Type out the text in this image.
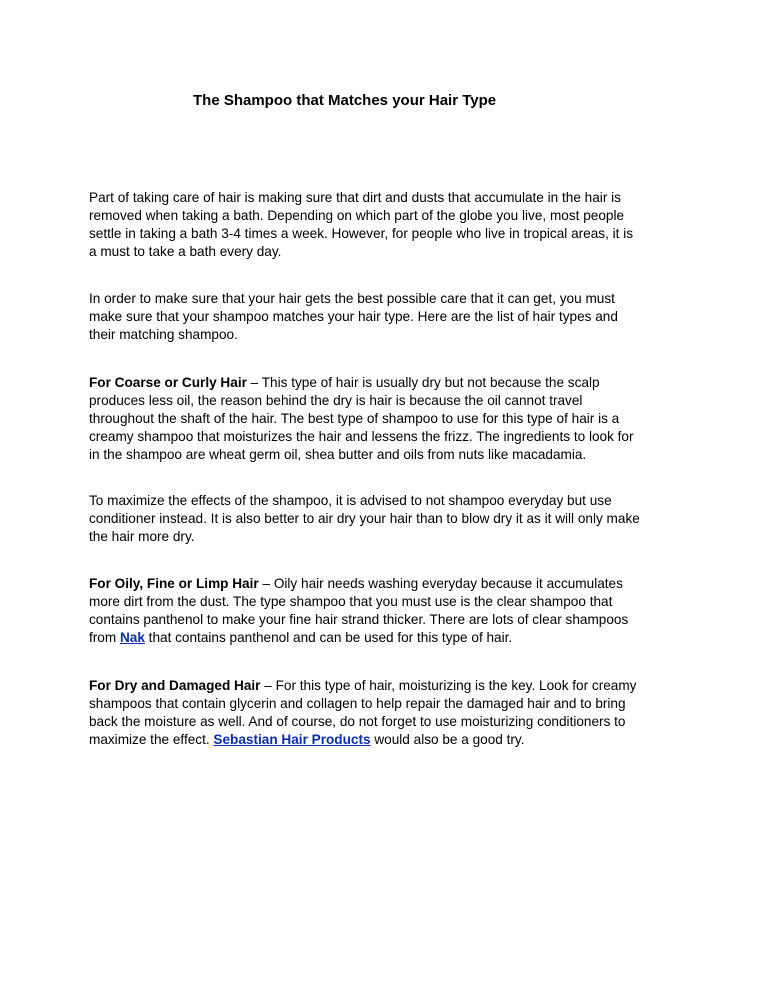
The Shampoo that Matches your Hair Type

Part of taking care of hair is making sure that dirt and dusts that accumulate in the hair is
removed when taking a bath. Depending on which part of the globe you live, most people
settle in taking a bath 3-4 times a week. However, for people who live in tropical areas, it is
a must to take a bath every day.

In order to make sure that your hair gets the best possible care that it can get, you must
make sure that your shampoo matches your hair type. Here are the list of hair types and
their matching shampoo.

For Coarse or Curly Hair – This type of hair is usually dry but not because the scalp
produces less oil, the reason behind the dry is hair is because the oil cannot travel
throughout the shaft of the hair. The best type of shampoo to use for this type of hair is a
creamy shampoo that moisturizes the hair and lessens the frizz. The ingredients to look for
in the shampoo are wheat germ oil, shea butter and oils from nuts like macadamia.

To maximize the effects of the shampoo, it is advised to not shampoo everyday but use
conditioner instead. It is also better to air dry your hair than to blow dry it as it will only make
the hair more dry.

For Oily, Fine or Limp Hair – Oily hair needs washing everyday because it accumulates
more dirt from the dust. The type shampoo that you must use is the clear shampoo that
contains panthenol to make your fine hair strand thicker. There are lots of clear shampoos
from Nak that contains panthenol and can be used for this type of hair.

For Dry and Damaged Hair – For this type of hair, moisturizing is the key. Look for creamy
shampoos that contain glycerin and collagen to help repair the damaged hair and to bring
back the moisture as well. And of course, do not forget to use moisturizing conditioners to
maximize the effect. Sebastian Hair Products would also be a good try.
